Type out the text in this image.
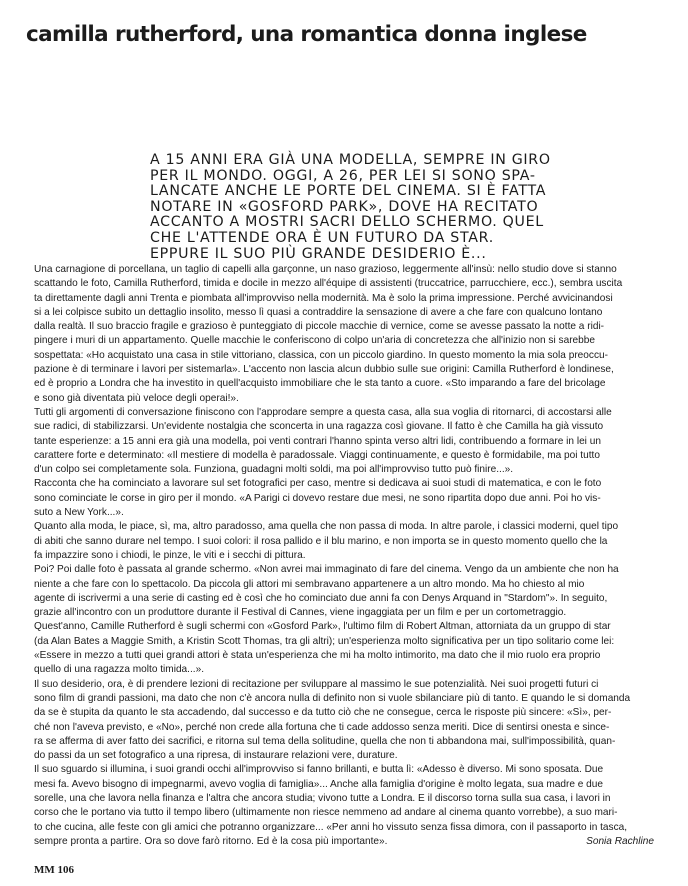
camilla rutherford, una romantica donna inglese
A 15 ANNI ERA GIÀ UNA MODELLA, SEMPRE IN GIRO
PER IL MONDO. OGGI, A 26, PER LEI SI SONO SPA-
LANCATE ANCHE LE PORTE DEL CINEMA. SI È FATTA
NOTARE IN «GOSFORD PARK», DOVE HA RECITATO
ACCANTO A MOSTRI SACRI DELLO SCHERMO. QUEL
CHE L'ATTENDE ORA È UN FUTURO DA STAR.
EPPURE IL SUO PIÙ GRANDE DESIDERIO È...
Una carnagione di porcellana, un taglio di capelli alla garçonne, un naso grazioso, leggermente all'insù: nello studio dove si stanno
scattando le foto, Camilla Rutherford, timida e docile in mezzo all'équipe di assistenti (truccatrice, parrucchiere, ecc.), sembra uscita
ta direttamente dagli anni Trenta e piombata all'improvviso nella modernità. Ma è solo la prima impressione. Perché avvicinandosi
si a lei colpisce subito un dettaglio insolito, messo lì quasi a contraddire la sensazione di avere a che fare con qualcuno lontano
dalla realtà. Il suo braccio fragile e grazioso è punteggiato di piccole macchie di vernice, come se avesse passato la notte a ridi-
pingere i muri di un appartamento. Quelle macchie le conferiscono di colpo un'aria di concretezza che all'inizio non si sarebbe
sospettata: «Ho acquistato una casa in stile vittoriano, classica, con un piccolo giardino. In questo momento la mia sola preoccu-
pazione è di terminare i lavori per sistemarla». L'accento non lascia alcun dubbio sulle sue origini: Camilla Rutherford è londinese,
ed è proprio a Londra che ha investito in quell'acquisto immobiliare che le sta tanto a cuore. «Sto imparando a fare del bricolage
e sono già diventata più veloce degli operai!».
Tutti gli argomenti di conversazione finiscono con l'approdare sempre a questa casa, alla sua voglia di ritornarci, di accostarsi alle
sue radici, di stabilizzarsi. Un'evidente nostalgia che sconcerta in una ragazza così giovane. Il fatto è che Camilla ha già vissuto
tante esperienze: a 15 anni era già una modella, poi venti contrari l'hanno spinta verso altri lidi, contribuendo a formare in lei un
carattere forte e determinato: «Il mestiere di modella è paradossale. Viaggi continuamente, e questo è formidabile, ma poi tutto
d'un colpo sei completamente sola. Funziona, guadagni molti soldi, ma poi all'improvviso tutto può finire...».
Racconta che ha cominciato a lavorare sul set fotografici per caso, mentre si dedicava ai suoi studi di matematica, e con le foto
sono cominciate le corse in giro per il mondo. «A Parigi ci dovevo restare due mesi, ne sono ripartita dopo due anni. Poi ho vis-
suto a New York...».
Quanto alla moda, le piace, sì, ma, altro paradosso, ama quella che non passa di moda. In altre parole, i classici moderni, quel tipo
di abiti che sanno durare nel tempo. I suoi colori: il rosa pallido e il blu marino, e non importa se in questo momento quello che la
fa impazzire sono i chiodi, le pinze, le viti e i secchi di pittura.
Poi? Poi dalle foto è passata al grande schermo. «Non avrei mai immaginato di fare del cinema. Vengo da un ambiente che non ha
niente a che fare con lo spettacolo. Da piccola gli attori mi sembravano appartenere a un altro mondo. Ma ho chiesto al mio
agente di iscrivermi a una serie di casting ed è così che ho cominciato due anni fa con Denys Arquand in "Stardom"». In seguito,
grazie all'incontro con un produttore durante il Festival di Cannes, viene ingaggiata per un film e per un cortometraggio.
Quest'anno, Camille Rutherford è sugli schermi con «Gosford Park», l'ultimo film di Robert Altman, attorniata da un gruppo di star
(da Alan Bates a Maggie Smith, a Kristin Scott Thomas, tra gli altri); un'esperienza molto significativa per un tipo solitario come lei:
«Essere in mezzo a tutti quei grandi attori è stata un'esperienza che mi ha molto intimorito, ma dato che il mio ruolo era proprio
quello di una ragazza molto timida...».
Il suo desiderio, ora, è di prendere lezioni di recitazione per sviluppare al massimo le sue potenzialità. Nei suoi progetti futuri ci
sono film di grandi passioni, ma dato che non c'è ancora nulla di definito non si vuole sbilanciare più di tanto. E quando le si domanda
da se è stupita da quanto le sta accadendo, dal successo e da tutto ciò che ne consegue, cerca le risposte più sincere: «Sì», per-
ché non l'aveva previsto, e «No», perché non crede alla fortuna che ti cade addosso senza meriti. Dice di sentirsi onesta e since-
ra se afferma di aver fatto dei sacrifici, e ritorna sul tema della solitudine, quella che non ti abbandona mai, sull'impossibilità, quan-
do passi da un set fotografico a una ripresa, di instaurare relazioni vere, durature.
Il suo sguardo si illumina, i suoi grandi occhi all'improvviso si fanno brillanti, e butta lì: «Adesso è diverso. Mi sono sposata. Due
mesi fa. Avevo bisogno di impegnarmi, avevo voglia di famiglia»... Anche alla famiglia d'origine è molto legata, sua madre e due
sorelle, una che lavora nella finanza e l'altra che ancora studia; vivono tutte a Londra. E il discorso torna sulla sua casa, i lavori in
corso che le portano via tutto il tempo libero (ultimamente non riesce nemmeno ad andare al cinema quanto vorrebbe), a suo mari-
to che cucina, alle feste con gli amici che potranno organizzare... «Per anni ho vissuto senza fissa dimora, con il passaporto in tasca,
sempre pronta a partire. Ora so dove farò ritorno. Ed è la cosa più importante».	Sonia Rachline

MM 106
